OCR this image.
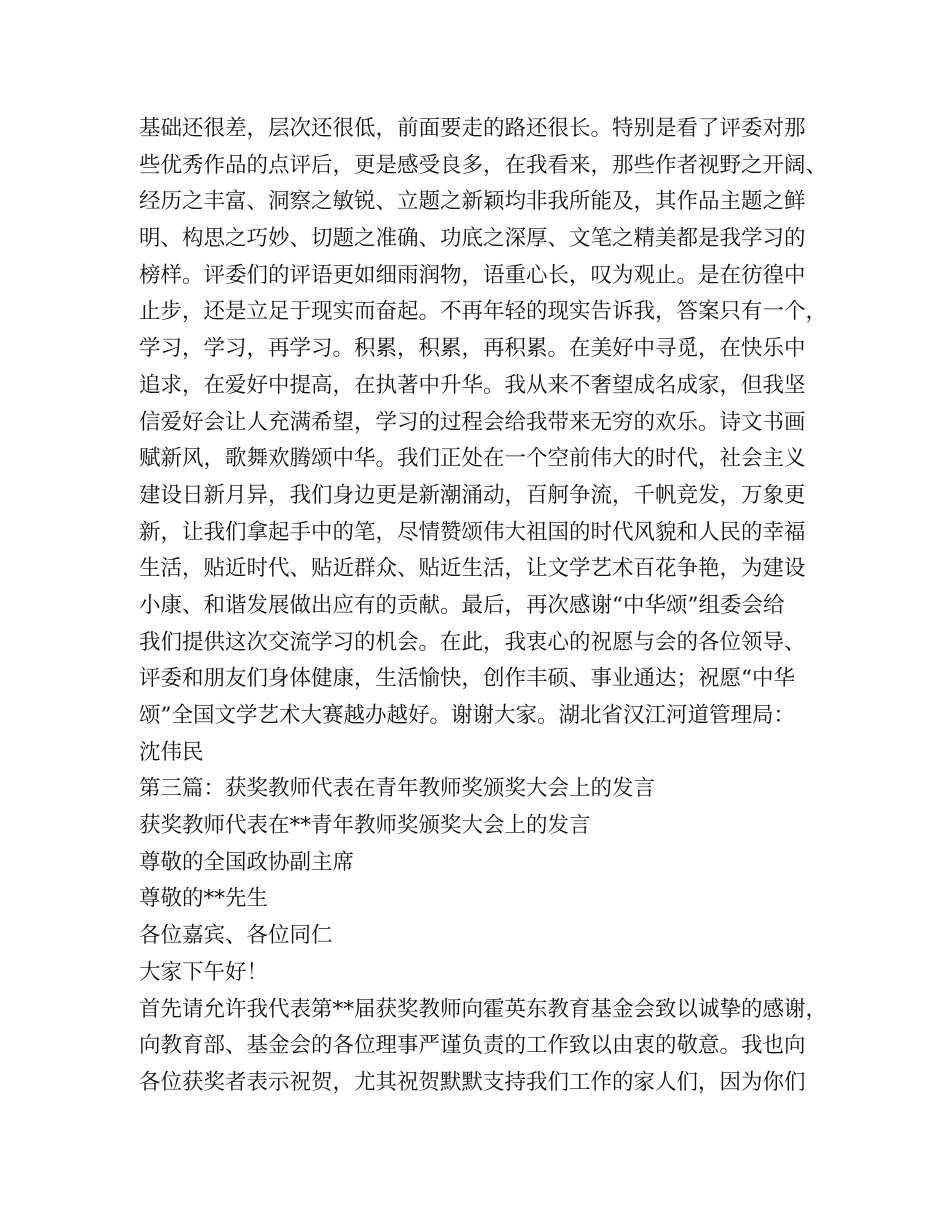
基础还很差，层次还很低，前面要走的路还很长。特别是看了评委对那
些优秀作品的点评后，更是感受良多，在我看来，那些作者视野之开阔、
经历之丰富、洞察之敏锐、立题之新颖均非我所能及，其作品主题之鲜
明、构思之巧妙、切题之准确、功底之深厚、文笔之精美都是我学习的
榜样。评委们的评语更如细雨润物，语重心长，叹为观止。是在彷徨中
止步，还是立足于现实而奋起。不再年轻的现实告诉我，答案只有一个，
学习，学习，再学习。积累，积累，再积累。在美好中寻觅，在快乐中
追求，在爱好中提高，在执著中升华。我从来不奢望成名成家，但我坚
信爱好会让人充满希望，学习的过程会给我带来无穷的欢乐。诗文书画
赋新风，歌舞欢腾颂中华。我们正处在一个空前伟大的时代，社会主义
建设日新月异，我们身边更是新潮涌动，百舸争流，千帆竞发，万象更
新，让我们拿起手中的笔，尽情赞颂伟大祖国的时代风貌和人民的幸福
生活，贴近时代、贴近群众、贴近生活，让文学艺术百花争艳，为建设
小康、和谐发展做出应有的贡献。最后，再次感谢“中华颂”组委会给
我们提供这次交流学习的机会。在此，我衷心的祝愿与会的各位领导、
评委和朋友们身体健康，生活愉快，创作丰硕、事业通达；祝愿“中华
颂”全国文学艺术大赛越办越好。谢谢大家。湖北省汉江河道管理局：
沈伟民
第三篇：获奖教师代表在青年教师奖颁奖大会上的发言
获奖教师代表在**青年教师奖颁奖大会上的发言
尊敬的全国政协副主席
尊敬的**先生
各位嘉宾、各位同仁
大家下午好！
首先请允许我代表第**届获奖教师向霍英东教育基金会致以诚挚的感谢，
向教育部、基金会的各位理事严谨负责的工作致以由衷的敬意。我也向
各位获奖者表示祝贺，尤其祝贺默默支持我们工作的家人们，因为你们
